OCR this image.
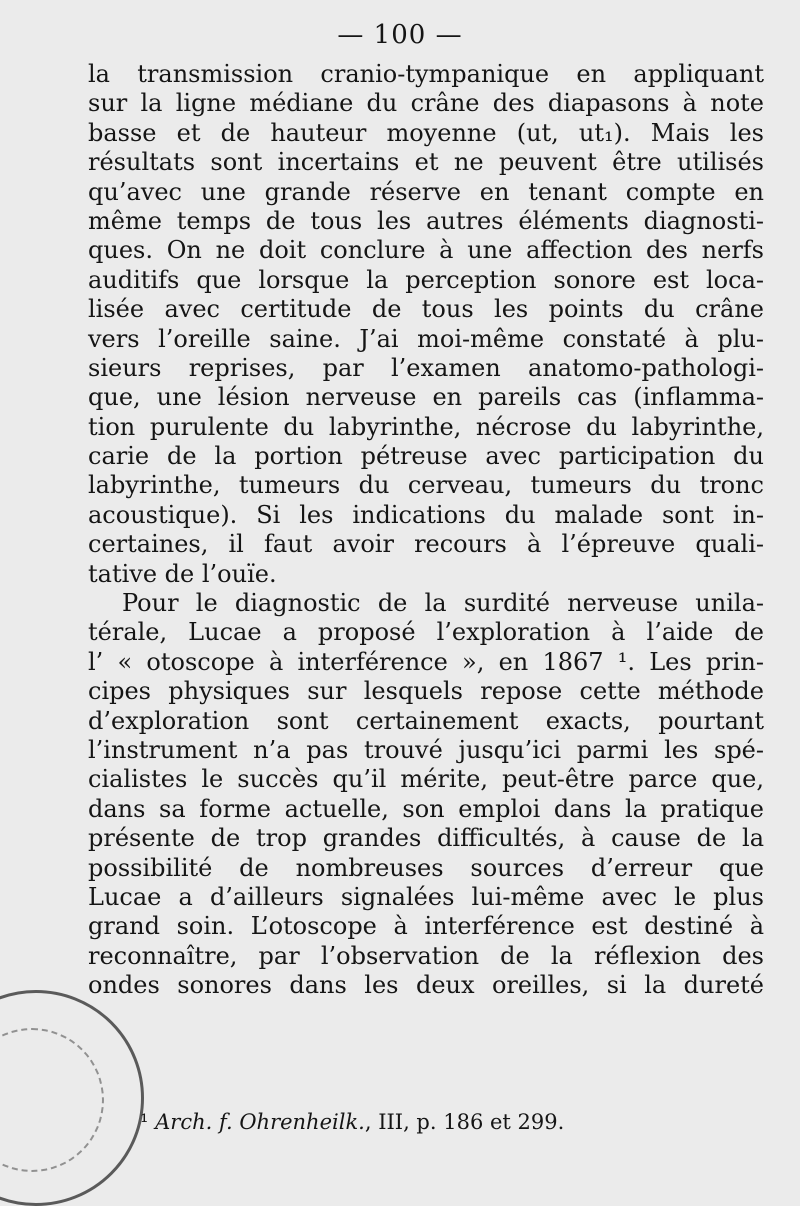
— 100 —
la transmission cranio-tympanique en appliquant
sur la ligne médiane du crâne des diapasons à note
basse et de hauteur moyenne (ut, ut₁). Mais les
résultats sont incertains et ne peuvent être utilisés
qu’avec une grande réserve en tenant compte en
même temps de tous les autres éléments diagnosti-
ques. On ne doit conclure à une affection des nerfs
auditifs que lorsque la perception sonore est loca-
lisée avec certitude de tous les points du crâne
vers l’oreille saine. J’ai moi-même constaté à plu-
sieurs reprises, par l’examen anatomo-pathologi-
que, une lésion nerveuse en pareils cas (inflamma-
tion purulente du labyrinthe, nécrose du labyrinthe,
carie de la portion pétreuse avec participation du
labyrinthe, tumeurs du cerveau, tumeurs du tronc
acoustique). Si les indications du malade sont in-
certaines, il faut avoir recours à l’épreuve quali-
tative de l’ouïe.
Pour le diagnostic de la surdité nerveuse unila-
térale, Lucae a proposé l’exploration à l’aide de
l’ « otoscope à interférence », en 1867 ¹. Les prin-
cipes physiques sur lesquels repose cette méthode
d’exploration sont certainement exacts, pourtant
l’instrument n’a pas trouvé jusqu’ici parmi les spé-
cialistes le succès qu’il mérite, peut-être parce que,
dans sa forme actuelle, son emploi dans la pratique
présente de trop grandes difficultés, à cause de la
possibilité de nombreuses sources d’erreur que
Lucae a d’ailleurs signalées lui-même avec le plus
grand soin. L’otoscope à interférence est destiné à
reconnaître, par l’observation de la réflexion des
ondes sonores dans les deux oreilles, si la dureté
¹ Arch. f. Ohrenheilk., III, p. 186 et 299.
